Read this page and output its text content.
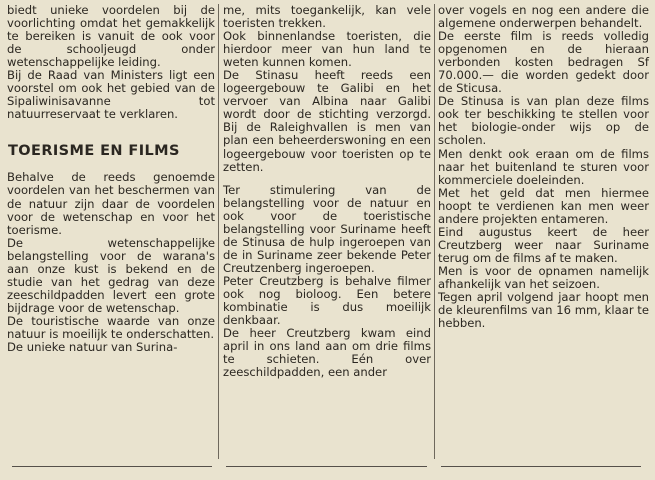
biedt unieke voordelen bij de voorlichting omdat het gemakkelijk te bereiken is vanuit de ook voor de schooljeugd onder wetenschappelijke leiding.

Bij de Raad van Ministers ligt een voorstel om ook het gebied van de Sipaliwinisavanne tot natuurreservaat te verklaren.

TOERISME EN FILMS

Behalve de reeds genoemde voordelen van het beschermen van de natuur zijn daar de voordelen voor de wetenschap en voor het toerisme.

De wetenschappelijke belangstelling voor de warana's aan onze kust is bekend en de studie van het gedrag van deze zeeschildpadden levert een grote bijdrage voor de wetenschap.

De touristische waarde van onze natuur is moeilijk te onderschatten.

De unieke natuur van Surina-

me, mits toegankelijk, kan vele toeristen trekken.

Ook binnenlandse toeristen, die hierdoor meer van hun land te weten kunnen komen.

De Stinasu heeft reeds een logeergebouw te Galibi en het vervoer van Albina naar Galibi wordt door de stichting verzorgd. Bij de Raleighvallen is men van plan een beheerderswoning en een logeergebouw voor toeristen op te zetten.

Ter stimulering van de belangstelling voor de natuur en ook voor de toeristische belangstelling voor Suriname heeft de Stinusa de hulp ingeroepen van de in Suriname zeer bekende Peter Creutzenberg ingeroepen.

Peter Creutzberg is behalve filmer ook nog bioloog. Een betere kombinatie is dus moeilijk denkbaar.

De heer Creutzberg kwam eind april in ons land aan om drie films te schieten. Eén over zeeschildpadden, een ander

over vogels en nog een andere die algemene onderwerpen behandelt.

De eerste film is reeds volledig opgenomen en de hieraan verbonden kosten bedragen Sf 70.000.— die worden gedekt door de Sticusa.

De Stinusa is van plan deze films ook ter beschikking te stellen voor het biologie-onder wijs op de scholen.

Men denkt ook eraan om de films naar het buitenland te sturen voor kommerciele doeleinden.

Met het geld dat men hiermee hoopt te verdienen kan men weer andere projekten entameren.

Eind augustus keert de heer Creutzberg weer naar Suriname terug om de films af te maken.

Men is voor de opnamen namelijk afhankelijk van het seizoen.

Tegen april volgend jaar hoopt men de kleurenfilms van 16 mm, klaar te hebben.
